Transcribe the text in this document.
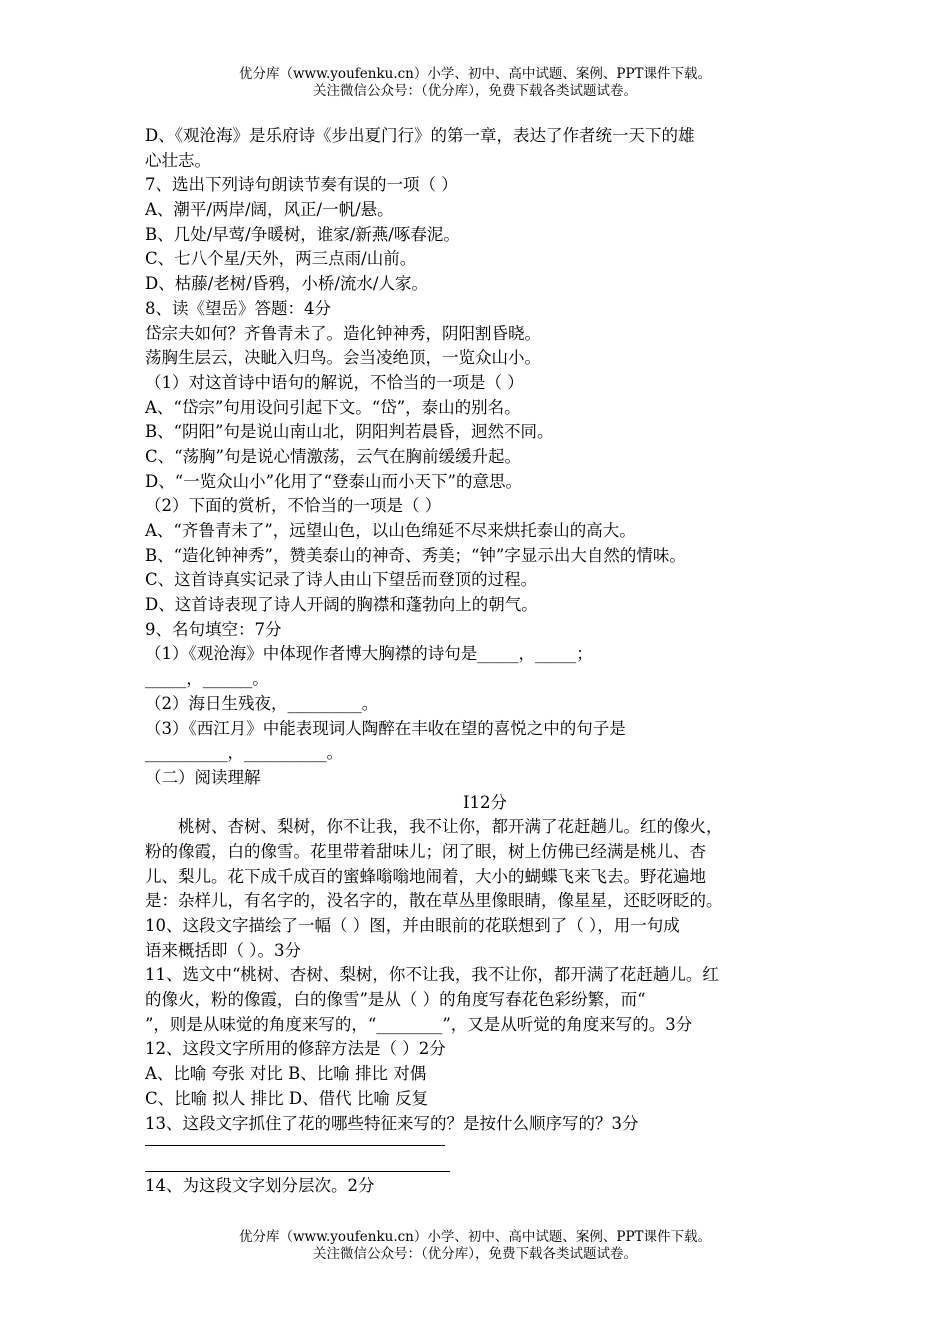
优分库（www.youfenku.cn）小学、初中、高中试题、案例、PPT课件下载。
关注微信公众号：（优分库），免费下载各类试题试卷。
D、《观沧海》是乐府诗《步出夏门行》的第一章，表达了作者统一天下的雄
心壮志。
7、选出下列诗句朗读节奏有误的一项（ ）
A、潮平/两岸/阔，风正/一帆/悬。
B、几处/早莺/争暖树，谁家/新燕/啄春泥。
C、七八个星/天外，两三点雨/山前。
D、枯藤/老树/昏鸦，小桥/流水/人家。
8、读《望岳》答题：4分
岱宗夫如何？齐鲁青未了。造化钟神秀，阴阳割昏晓。
荡胸生层云，决眦入归鸟。会当凌绝顶，一览众山小。
（1）对这首诗中语句的解说，不恰当的一项是（ ）
A、“岱宗”句用设问引起下文。“岱”，泰山的别名。
B、“阴阳”句是说山南山北，阴阳判若晨昏，迥然不同。
C、“荡胸”句是说心情激荡，云气在胸前缓缓升起。
D、“一览众山小”化用了“登泰山而小天下”的意思。
（2）下面的赏析，不恰当的一项是（ ）
A、“齐鲁青未了”，远望山色，以山色绵延不尽来烘托泰山的高大。
B、“造化钟神秀”，赞美泰山的神奇、秀美；“钟”字显示出大自然的情味。
C、这首诗真实记录了诗人由山下望岳而登顶的过程。
D、这首诗表现了诗人开阔的胸襟和蓬勃向上的朝气。
9、名句填空：7分
（1）《观沧海》中体现作者博大胸襟的诗句是_____，_____；
_____，______。
（2）海日生残夜，_________。
（3）《西江月》中能表现词人陶醉在丰收在望的喜悦之中的句子是
__________，__________。
（二）阅读理解
Ⅰ12分
桃树、杏树、梨树，你不让我，我不让你，都开满了花赶趟儿。红的像火，
粉的像霞，白的像雪。花里带着甜味儿；闭了眼，树上仿佛已经满是桃儿、杏
儿、梨儿。花下成千成百的蜜蜂嗡嗡地闹着，大小的蝴蝶飞来飞去。野花遍地
是：杂样儿，有名字的，没名字的，散在草丛里像眼睛，像星星，还眨呀眨的。
10、这段文字描绘了一幅（ ）图，并由眼前的花联想到了（ ），用一句成
语来概括即（ ）。3分
11、选文中“桃树、杏树、梨树，你不让我，我不让你，都开满了花赶趟儿。红
的像火，粉的像霞，白的像雪”是从（ ）的角度写春花色彩纷繁，而“
”，则是从味觉的角度来写的，“________”，又是从听觉的角度来写的。3分
12、这段文字所用的修辞方法是（ ）2分
A、比喻 夸张 对比 B、比喻 排比 对偶
C、比喻 拟人 排比 D、借代 比喻 反复
13、这段文字抓住了花的哪些特征来写的？是按什么顺序写的？3分
14、为这段文字划分层次。2分
优分库（www.youfenku.cn）小学、初中、高中试题、案例、PPT课件下载。
关注微信公众号：（优分库），免费下载各类试题试卷。
